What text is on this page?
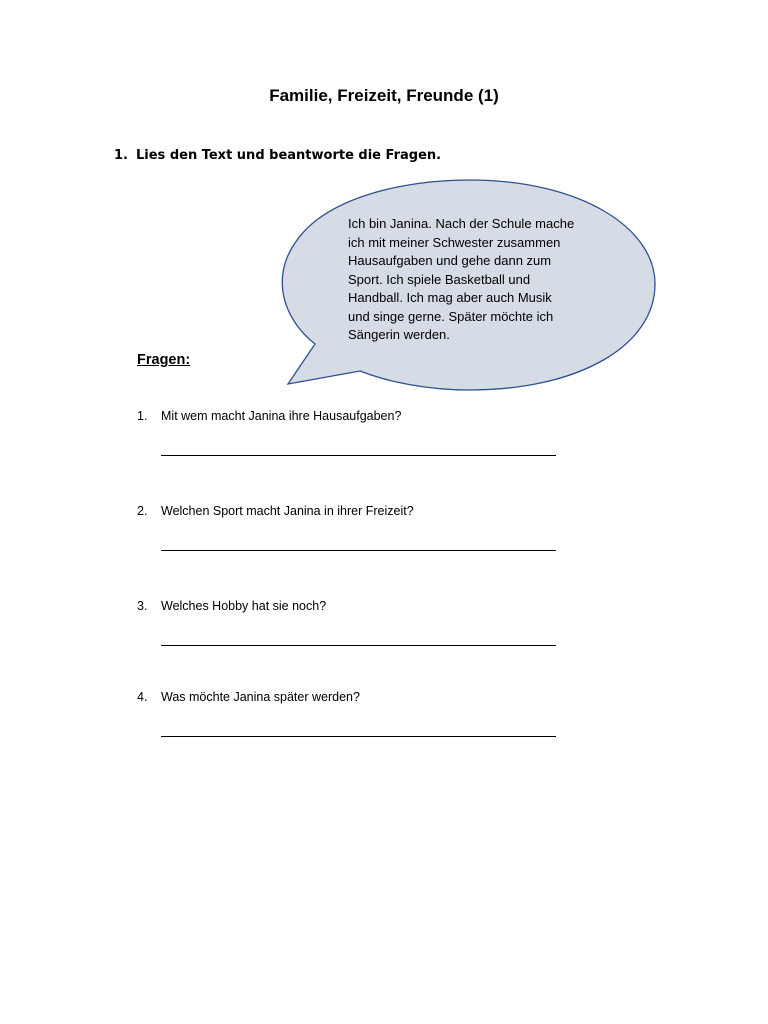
Familie, Freizeit, Freunde (1)
1. Lies den Text und beantworte die Fragen.
Ich bin Janina. Nach der Schule mache
ich mit meiner Schwester zusammen
Hausaufgaben und gehe dann zum
Sport. Ich spiele Basketball und
Handball. Ich mag aber auch Musik
und singe gerne. Später möchte ich
Sängerin werden.
Fragen:
1. Mit wem macht Janina ihre Hausaufgaben?
2. Welchen Sport macht Janina in ihrer Freizeit?
3. Welches Hobby hat sie noch?
4. Was möchte Janina später werden?
